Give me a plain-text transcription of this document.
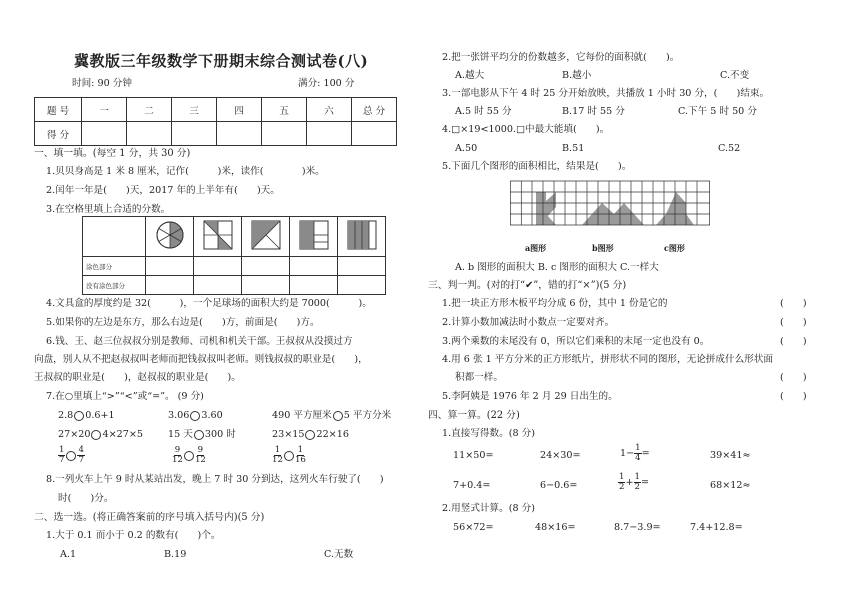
冀教版三年级数学下册期末综合测试卷(八)
时间: 90 分钟	满分: 100 分
题 号	一	二	三	四	五	六	总 分
得 分							
一、填一填。(每空 1 分，共 30 分)
1.贝贝身高是 1 米 8 厘米，记作(　　　)米，读作(　　　　)米。
2.闰年一年是(　　)天，2017 年的上半年有(　　)天。
3.在空格里填上合适的分数。

涂色部分					
没有涂色部分					
4.文具盒的厚度约是 32(　　　)，一个足球场的面积大约是 7000(　　　)。
5.如果你的左边是东方，那么右边是(　　)方，前面是(　　)方。
6.钱、王、赵三位叔叔分别是教师、司机和机关干部。王叔叔从没摸过方
向盘，别人从不把赵叔叔叫老师而把钱叔叔叫老师。则钱叔叔的职业是(　　)，
王叔叔的职业是(　　)，赵叔叔的职业是(　　)。
7.在○里填上“>”“<”或“=”。 (9 分)
2.8 0.6+1	3.06 3.60	490 平方厘米 5 平方分米
27×20 4×27×5	15 天 300 时	23×15 22×16
$\frac{1}{7} \frac{4}{7}$	$\frac{9}{12} \frac{9}{12}$	$\frac{1}{12} \frac{1}{16}$
8.一列火车上午 9 时从某站出发，晚上 7 时 30 分到达，这列火车行驶了(　　)
时(　　)分。
二、选一选。(将正确答案前的序号填入括号内)(5 分)
1.大于 0.1 而小于 0.2 的数有(　　)个。
A.1	B.19	C.无数
2.把一张饼平均分的份数越多，它每份的面积就(　　)。
A.越大	B.越小	C.不变
3.一部电影从下午 4 时 25 分开始放映，共播放 1 小时 30 分，(　　)结束。
A.5 时 55 分	B.17 时 55 分	C.下午 5 时 50 分
4.□×19<1000.□中最大能填(　　)。
A.50	B.51	C.52
5.下面几个图形的面积相比，结果是(　　)。
a图形	b图形	c图形
A. b 图形的面积大 B. c 图形的面积大 C.一样大
三、判一判。(对的打“✔”，错的打“×”)(5 分)
1.把一块正方形木板平均分成 6 份，其中 1 份是它的	(　　)
2.计算小数加减法时小数点一定要对齐。	(　　)
3.两个乘数的末尾没有 0，所以它们乘积的末尾一定也没有 0。	(　　)
4.用 6 张 1 平方分米的正方形纸片，拼形状不同的图形，无论拼成什么形状面
积都一样。	(　　)
5.李阿姨是 1976 年 2 月 29 日出生的。	(　　)
四、算一算。(22 分)
1.直接写得数。(8 分)
11×50=	24×30=	$1- \frac{1}{4}$ =	39×41≈
7+0.4=	6−0.6=	$\frac{1}{2} + \frac{1}{2}$ =	68×12≈
2.用竖式计算。(8 分)
56×72=	48×16=	8.7−3.9=	7.4+12.8=
